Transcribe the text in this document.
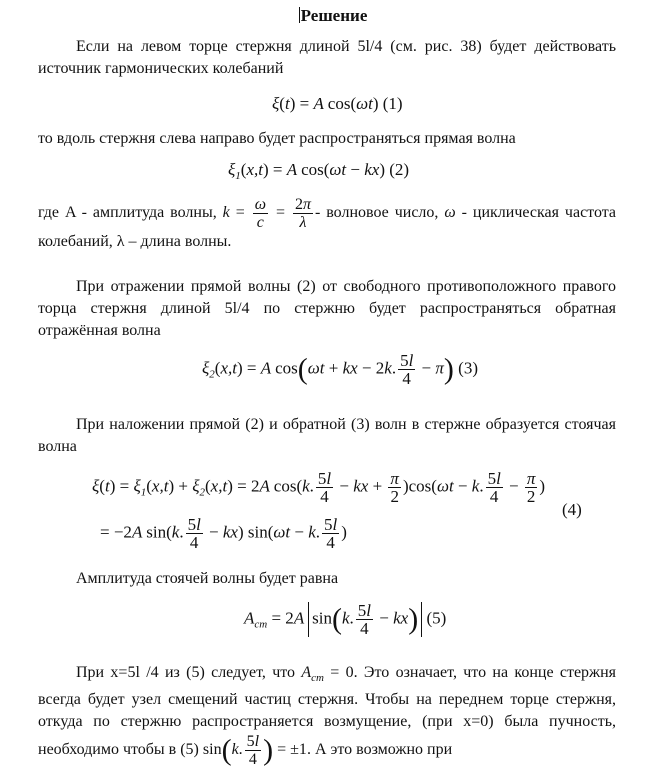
Решение

Если на левом торце стержня длиной 5l/4 (см. рис. 38) будет действовать источник гармонических колебаний

ξ(t) = A cos(ωt) (1)

то вдоль стержня слева направо будет распространяться прямая волна

$\xi_1(x,t) = A$ cos(ωt − kx) (2)
где A - амплитуда волны, $k = \frac{\omega}{c} = \frac{2\pi}{\lambda}$ - волновое число, ω - циклическая частота колебаний, λ – длина волны.

При отражении прямой волны (2) от свободного противоположного правого торца стержня длиной 5l/4 по стержню будет распространяться обратная отражённая волна

$\xi_2(x,t) = A$ cos(ωt + kx − 2k. $\frac{5l}{4} - \pi$) (3)

При наложении прямой (2) и обратной (3) волн в стержне образуется стоячая волна

$\xi(t) = \xi_1(x,t) + \xi_2(x,t) = 2A$ cos(k. $\frac{5l}{4}$ − kx + $\frac{\pi}{2} )\cos(\omega t - k$. $\frac{5l}{4} - \frac{\pi}{2}$ )
(4)
= −2A sin(k. $\frac{5l}{4} - kx$) sin(ωt − k. $\frac{5l}{4}$ )

Амплитуда стоячей волны будет равна

$A_{ст} = 2A$ sin(k. $\frac{5l}{4} - kx$) (5)
При x=5l /4 из (5) следует, что $A_{ст} = 0$. Это означает, что на конце стержня всегда будет узел смещений частиц стержня. Чтобы на переднем торце стержня, откуда по стержню распространяется возмущение, (при x=0) была пучность, необходимо чтобы в (5) sin(k. $\frac{5l}{4}$ ) = ±1. А это возможно при
